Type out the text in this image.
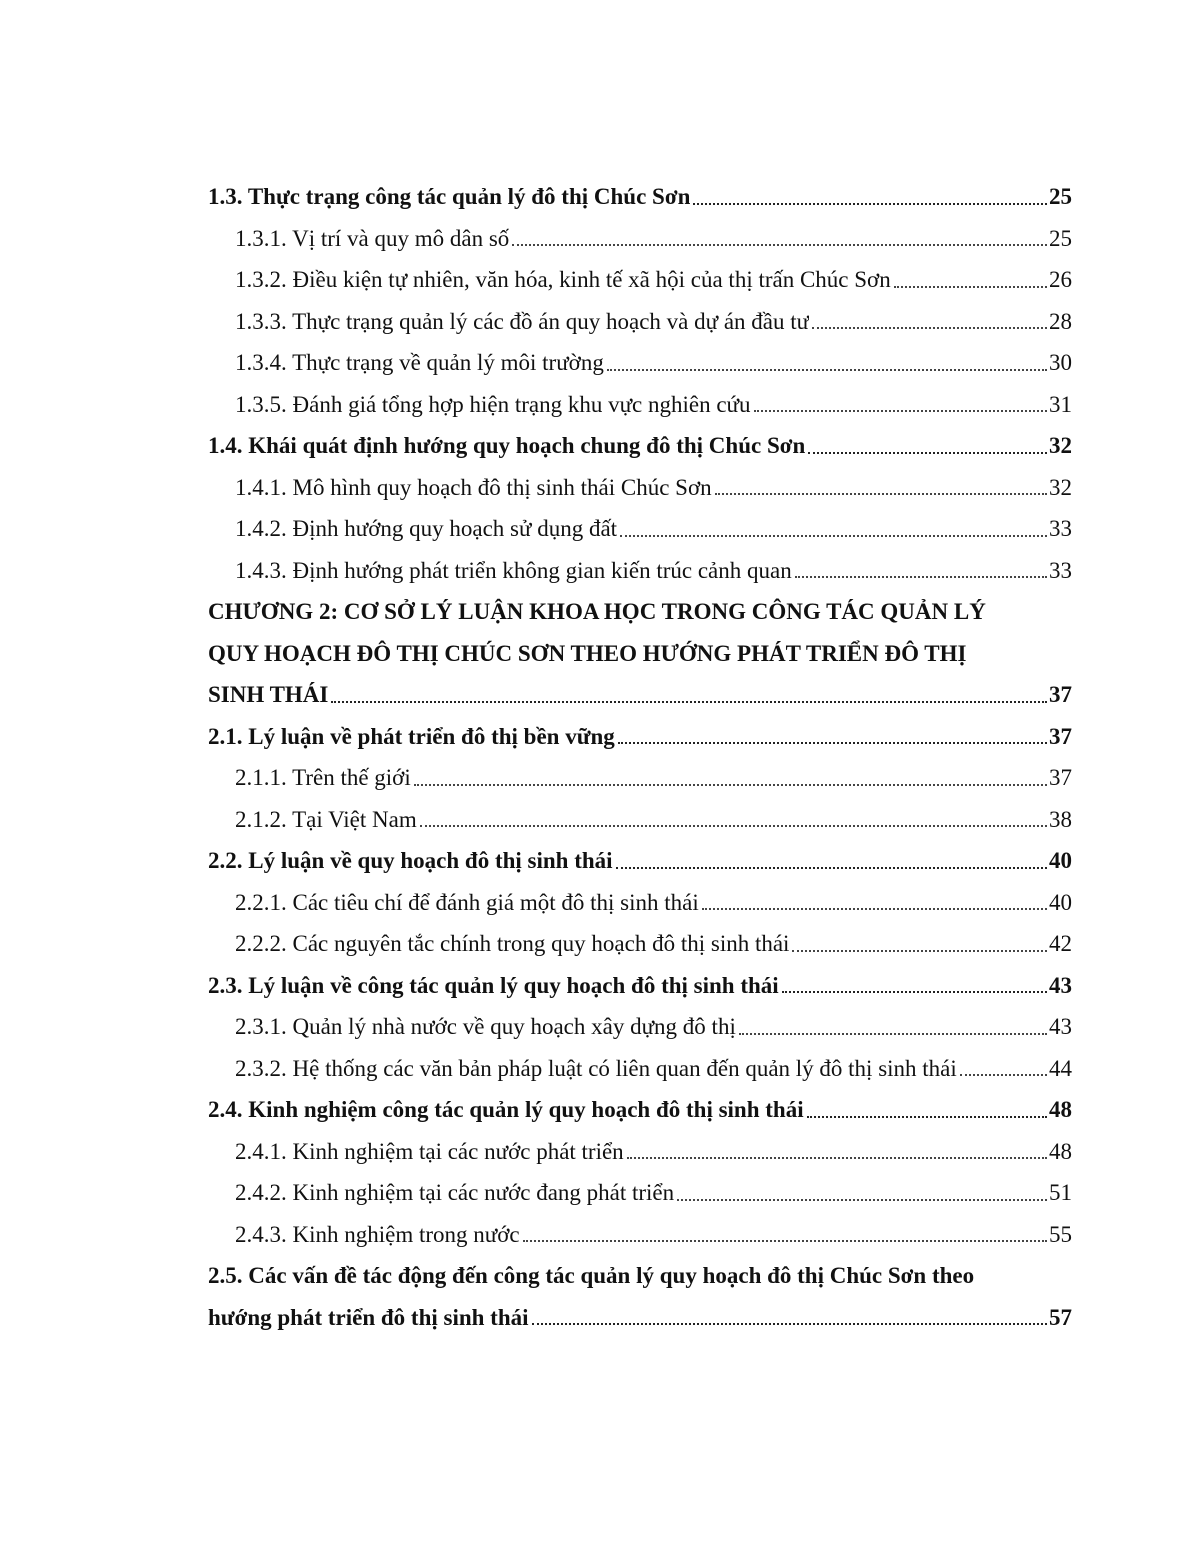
1.3. Thực trạng công tác quản lý đô thị Chúc Sơn	25
1.3.1. Vị trí và quy mô dân số	25
1.3.2. Điều kiện tự nhiên, văn hóa, kinh tế xã hội của thị trấn Chúc Sơn	26
1.3.3. Thực trạng quản lý các đồ án quy hoạch và dự án đầu tư	28
1.3.4. Thực trạng về quản lý môi trường	30
1.3.5. Đánh giá tổng hợp hiện trạng khu vực nghiên cứu	31
1.4. Khái quát định hướng quy hoạch chung đô thị Chúc Sơn	32
1.4.1. Mô hình quy hoạch đô thị sinh thái Chúc Sơn	32
1.4.2. Định hướng quy hoạch sử dụng đất	33
1.4.3. Định hướng phát triển không gian kiến trúc cảnh quan	33
CHƯƠNG 2: CƠ SỞ LÝ LUẬN KHOA HỌC TRONG CÔNG TÁC QUẢN LÝ
QUY HOẠCH ĐÔ THỊ CHÚC SƠN THEO HƯỚNG PHÁT TRIỂN ĐÔ THỊ
SINH THÁI	37
2.1. Lý luận về phát triển đô thị bền vững	37
2.1.1. Trên thế giới	37
2.1.2. Tại Việt Nam	38
2.2. Lý luận về quy hoạch đô thị sinh thái	40
2.2.1. Các tiêu chí để đánh giá một đô thị sinh thái	40
2.2.2. Các nguyên tắc chính trong quy hoạch đô thị sinh thái	42
2.3. Lý luận về công tác quản lý quy hoạch đô thị sinh thái	43
2.3.1. Quản lý nhà nước về quy hoạch xây dựng đô thị	43
2.3.2. Hệ thống các văn bản pháp luật có liên quan đến quản lý đô thị sinh thái	44
2.4. Kinh nghiệm công tác quản lý quy hoạch đô thị sinh thái	48
2.4.1. Kinh nghiệm tại các nước phát triển	48
2.4.2. Kinh nghiệm tại các nước đang phát triển	51
2.4.3. Kinh nghiệm trong nước	55
2.5. Các vấn đề tác động đến công tác quản lý quy hoạch đô thị Chúc Sơn theo
hướng phát triển đô thị sinh thái	57
